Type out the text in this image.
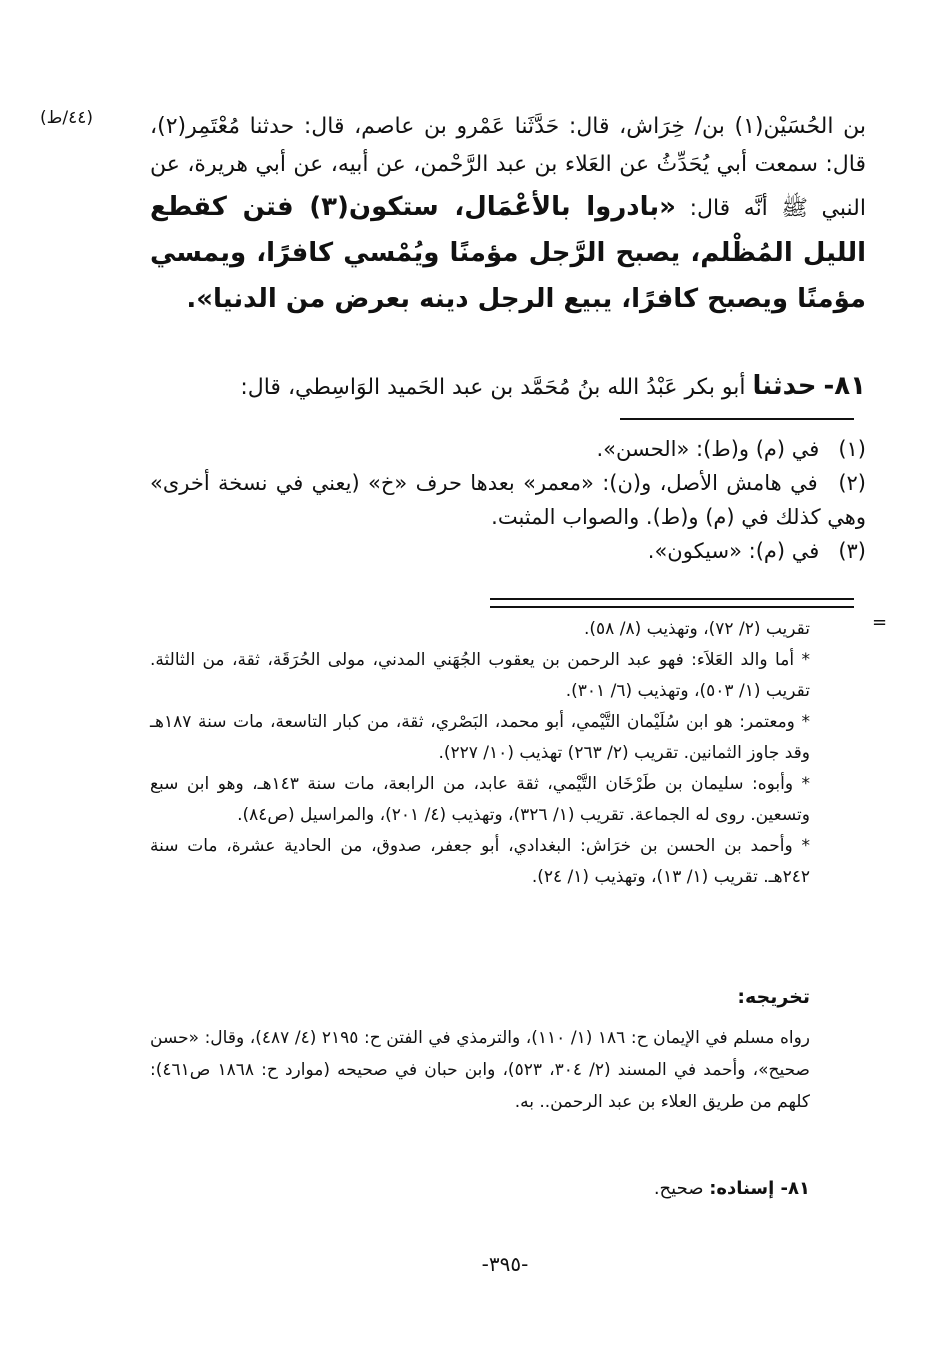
(٤٤/ط)	بن الحُسَيْن(١) بن/ خِرَاش، قال: حَدَّثَنا عَمْرو بن عاصم، قال: حدثنا مُعْتَمِر(٢)، قال: سمعت أبي يُحَدِّثُ عن العَلاء بن عبد الرَّحْمن، عن أبيه، عن أبي هريرة، عن النبي ﷺ أنَّه قال: «بادروا بالأعْمَال، ستكون(٣) فتن كقطع الليل المُظْلم، يصبح الرَّجل مؤمنًا ويُمْسي كافرًا، ويمسي مؤمنًا ويصبح كافرًا، يبيع الرجل دينه بعرض من الدنيا».
٨١- حدثنا أبو بكر عَبْدُ الله بنُ مُحَمَّد بن عبد الحَميد الوَاسِطي، قال:

(١) في (م) و(ط): «الحسن».

(٢) في هامش الأصل، و(ن): «معمر» بعدها حرف «خ» (يعني في نسخة أخرى» وهي كذلك في (م) و(ط). والصواب المثبت.

(٣) في (م): «سيكون».

=

تقريب (٢/ ٧٢)، وتهذيب (٨/ ٥٨).

* أما والد العَلاَء: فهو عبد الرحمن بن يعقوب الجُهَني المدني، مولى الحُرَقَة، ثقة، من الثالثة. تقريب (١/ ٥٠٣)، وتهذيب (٦/ ٣٠١).

* ومعتمر: هو ابن سُلَيْمان التَّيْمي، أبو محمد، البَصْري، ثقة، من كبار التاسعة، مات سنة ١٨٧هـ وقد جاوز الثمانين. تقريب (٢/ ٢٦٣) تهذيب (١٠/ ٢٢٧).

* وأبوه: سليمان بن طَرْخَان التَّيْمي، ثقة عابد، من الرابعة، مات سنة ١٤٣هـ، وهو ابن سبع وتسعين. روى له الجماعة. تقريب (١/ ٣٢٦)، وتهذيب (٤/ ٢٠١)، والمراسيل (ص٨٤).

* وأحمد بن الحسن بن خرَاش: البغدادي، أبو جعفر، صدوق، من الحادية عشرة، مات سنة ٢٤٢هـ. تقريب (١/ ١٣)، وتهذيب (١/ ٢٤).

تخريجه:
رواه مسلم في الإيمان ح: ١٨٦ (١/ ١١٠)، والترمذي في الفتن ح: ٢١٩٥ (٤/ ٤٨٧)، وقال: «حسن صحيح»، وأحمد في المسند (٢/ ٣٠٤، ٥٢٣)، وابن حبان في صحيحه (موارد ح: ١٨٦٨ ص٤٦١): كلهم من طريق العلاء بن عبد الرحمن.. به.
٨١- إسناده: صحيح.
-٣٩٥-
